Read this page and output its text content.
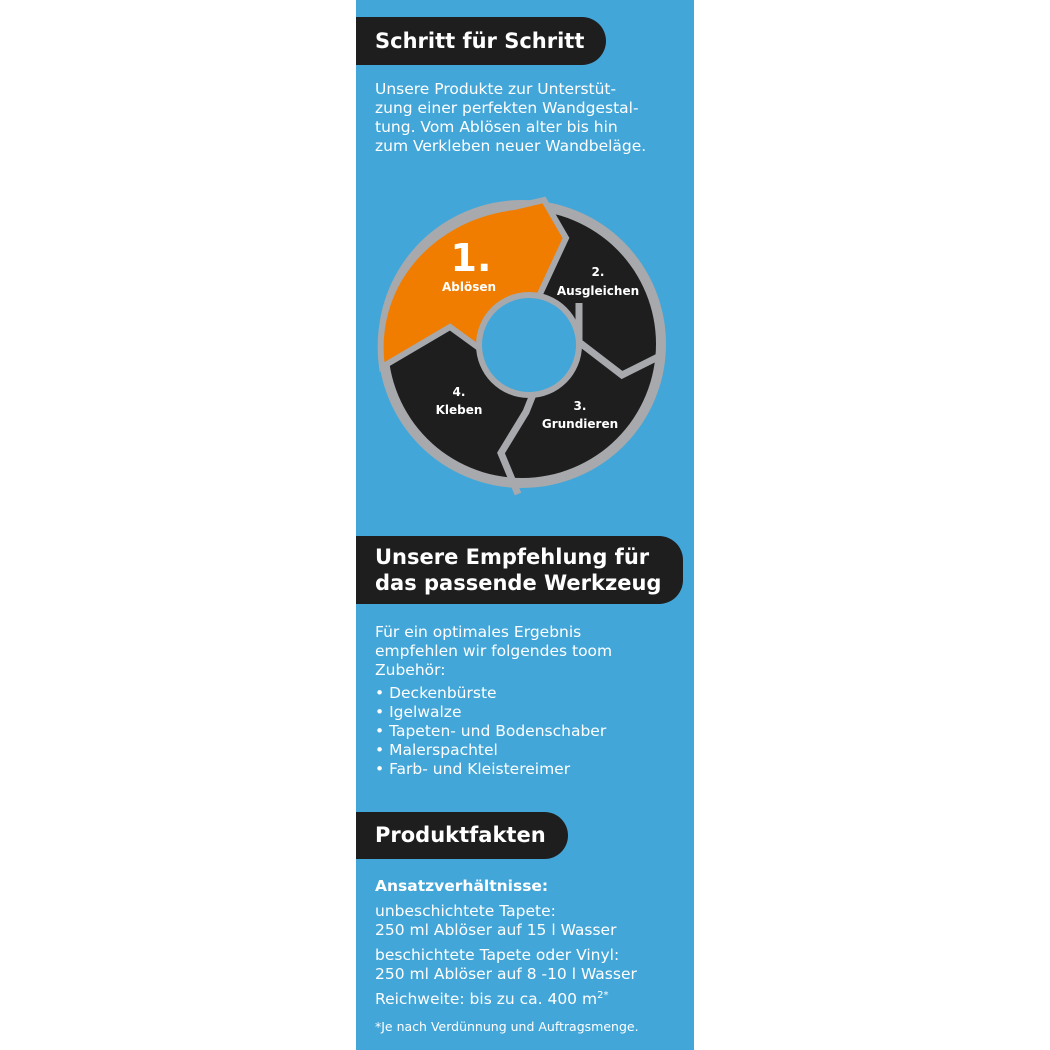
Schritt für Schritt
Unsere Produkte zur Unterstüt-
zung einer perfekten Wandgestal-
tung. Vom Ablösen alter bis hin
zum Verkleben neuer Wandbeläge.
1.
Ablösen
2.
Ausgleichen
3.
Grundieren
4.
Kleben
Unsere Empfehlung für
das passende Werkzeug
Für ein optimales Ergebnis
empfehlen wir folgendes toom
Zubehör:
• Deckenbürste
• Igelwalze
• Tapeten- und Bodenschaber
• Malerspachtel
• Farb- und Kleistereimer
Produktfakten
Ansatzverhältnisse:
unbeschichtete Tapete:
250 ml Ablöser auf 15 l Wasser
beschichtete Tapete oder Vinyl:
250 ml Ablöser auf 8 -10 l Wasser
Reichweite: bis zu ca. 400 $m^{2*}$
*Je nach Verdünnung und Auftragsmenge.
